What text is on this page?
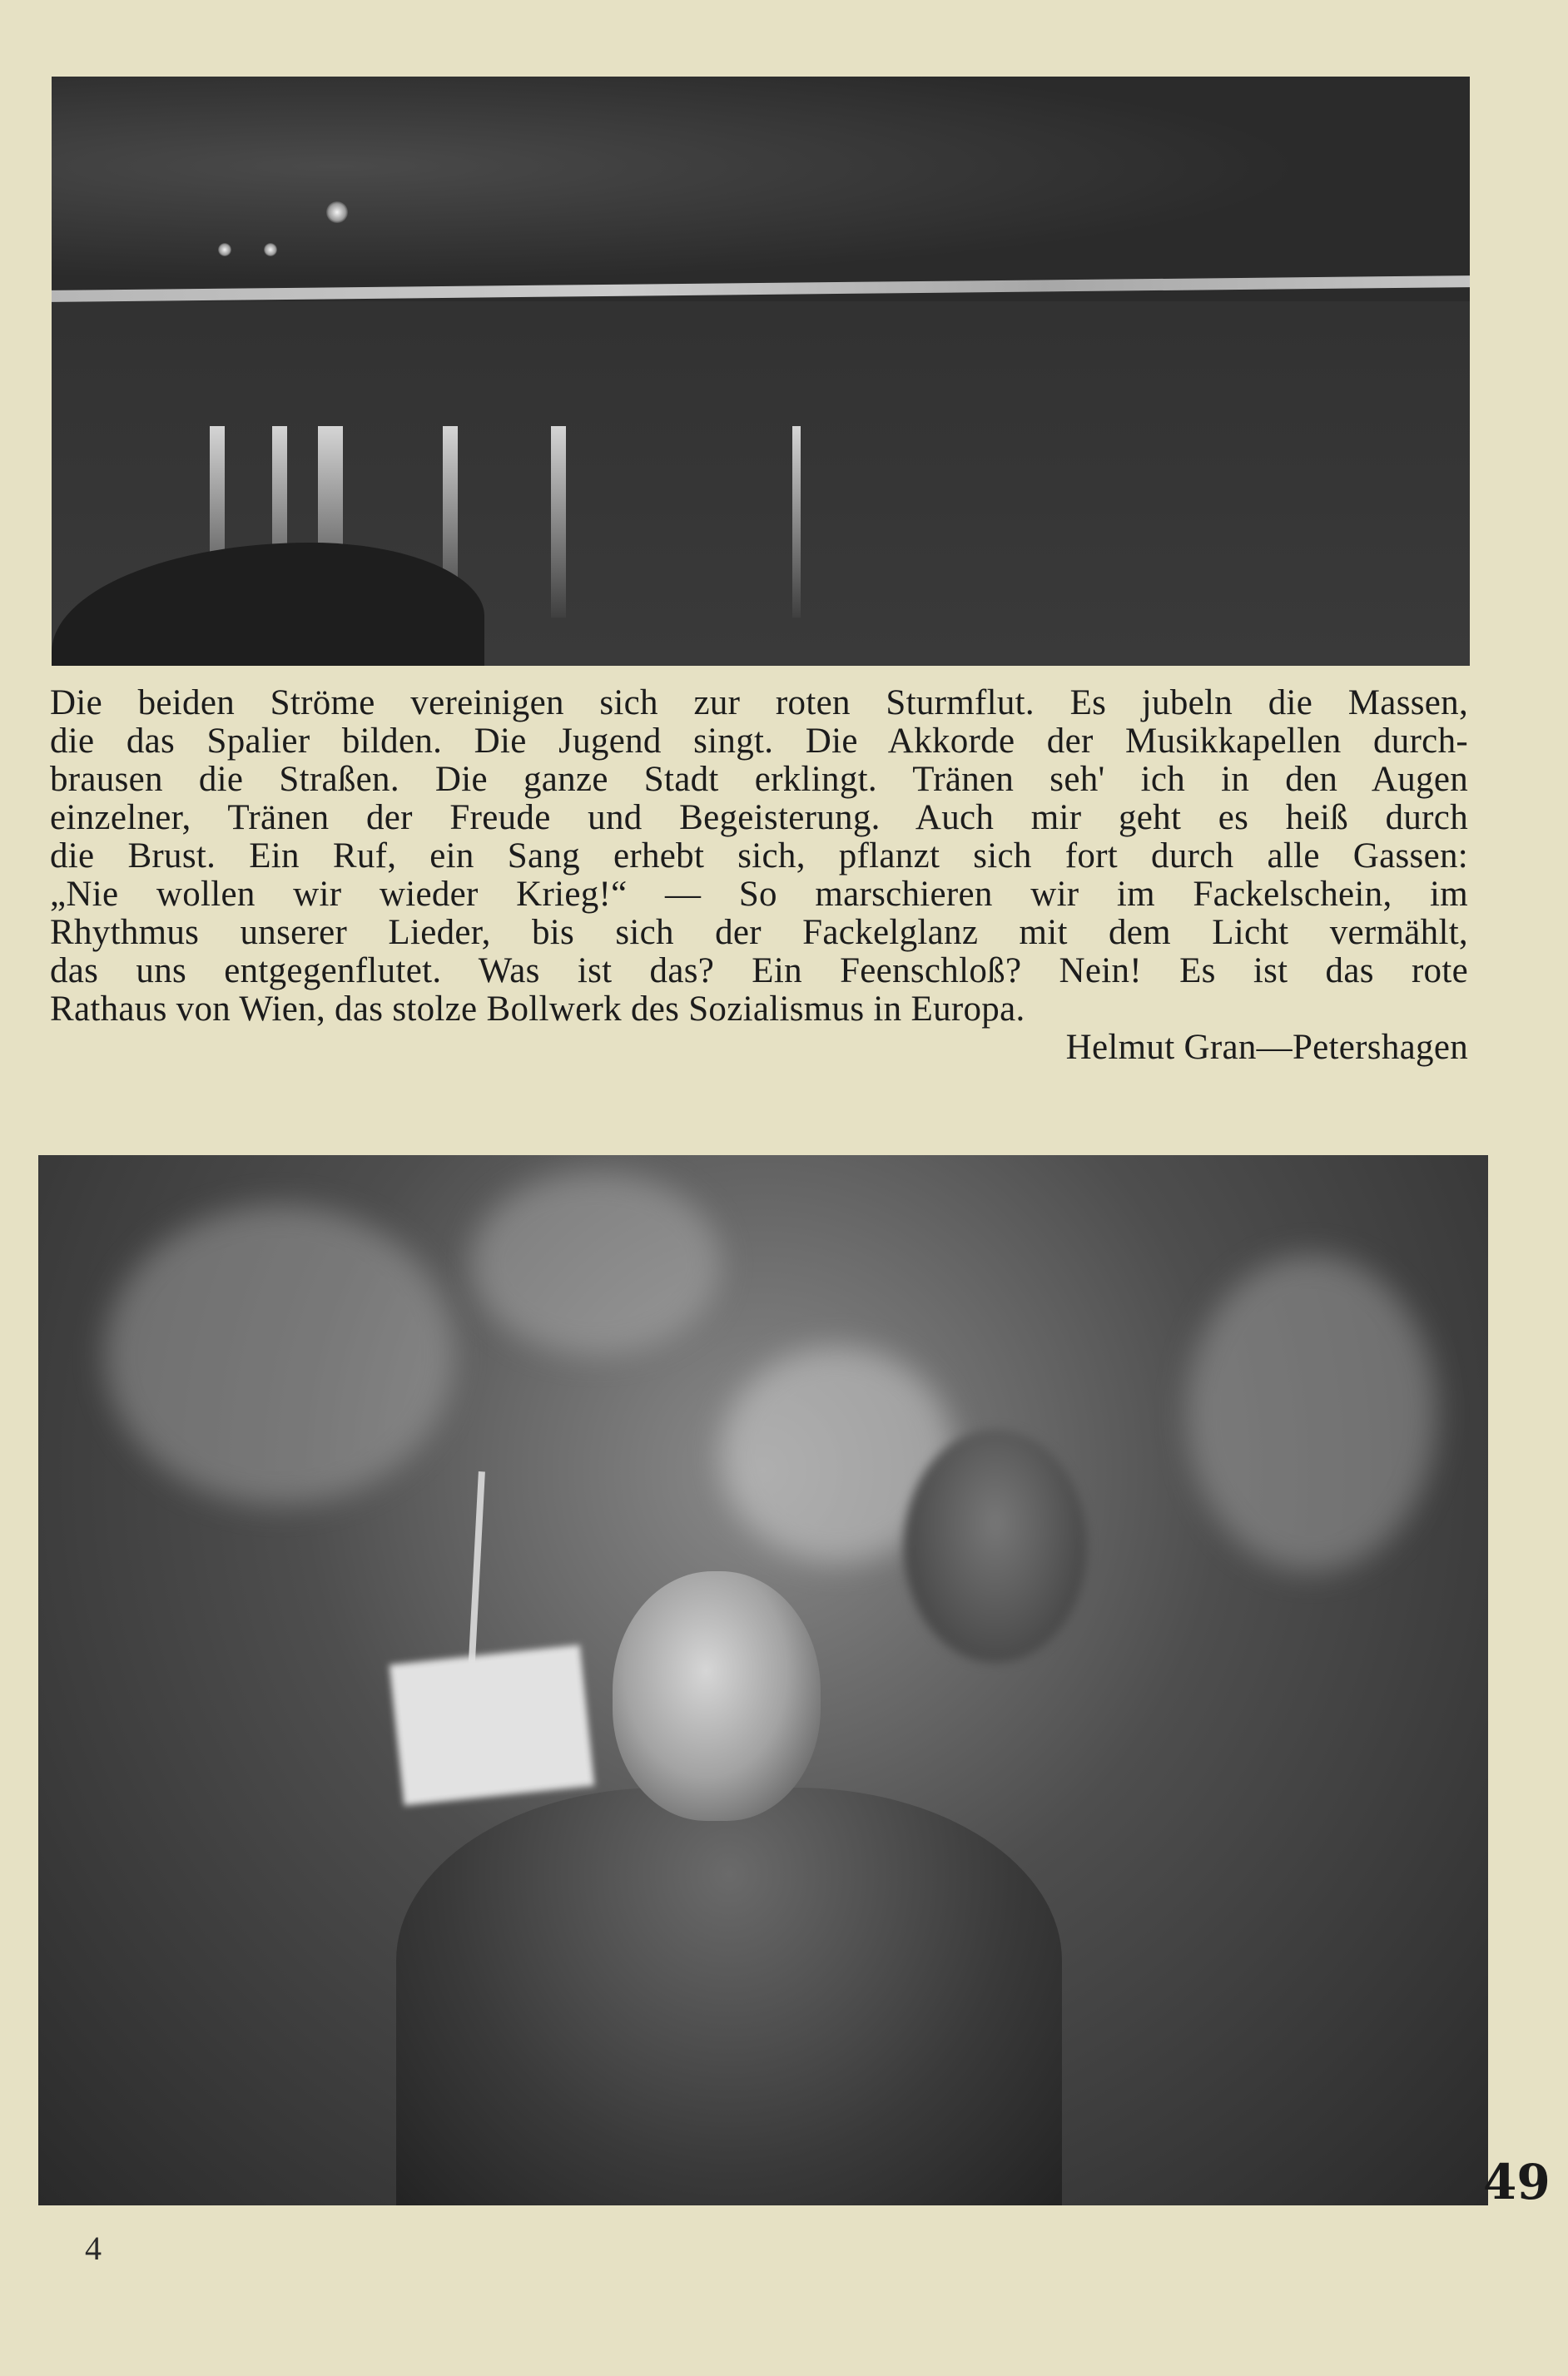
Die beiden Ströme vereinigen sich zur roten Sturmflut. Es jubeln die Massen,
die das Spalier bilden. Die Jugend singt. Die Akkorde der Musikkapellen durch-
brausen die Straßen. Die ganze Stadt erklingt. Tränen seh' ich in den Augen
einzelner, Tränen der Freude und Begeisterung. Auch mir geht es heiß durch
die Brust. Ein Ruf, ein Sang erhebt sich, pflanzt sich fort durch alle Gassen:
„Nie wollen wir wieder Krieg!“ — So marschieren wir im Fackelschein, im
Rhythmus unserer Lieder, bis sich der Fackelglanz mit dem Licht vermählt,
das uns entgegenflutet. Was ist das? Ein Feenschloß? Nein! Es ist das rote
Rathaus von Wien, das stolze Bollwerk des Sozialismus in Europa.
Helmut Gran—Petershagen
49
4
